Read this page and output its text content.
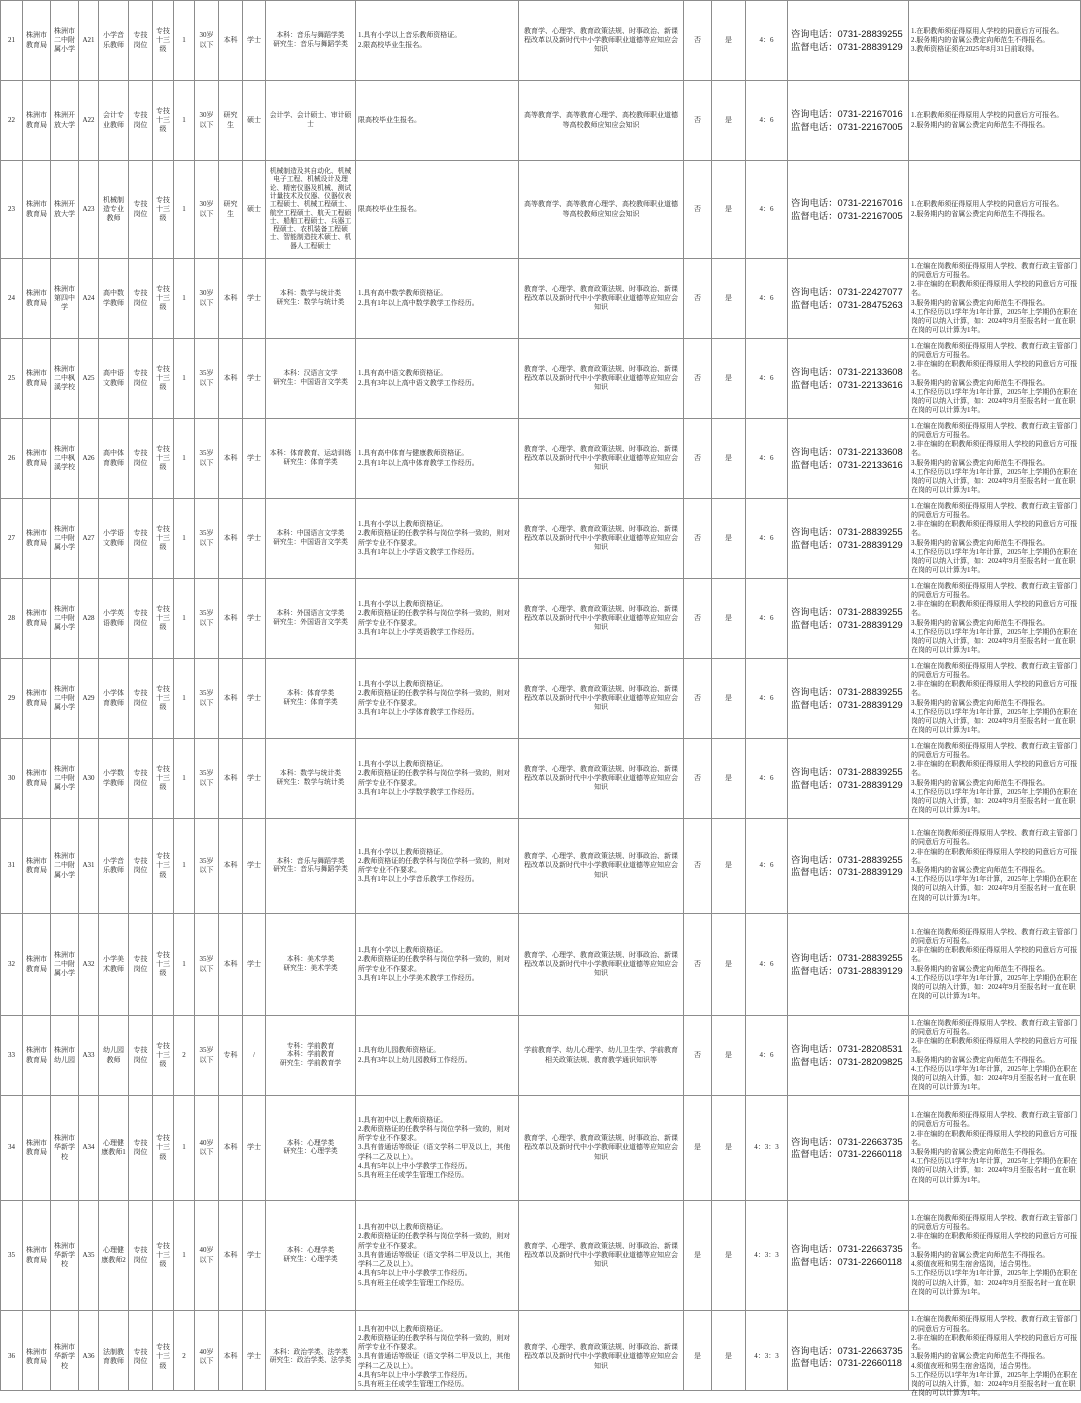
21	株洲市教育局	株洲市二中附属小学	A21	小学音乐教师	专技岗位	专技十三级	1	30岁以下	本科	学士	本科：音乐与舞蹈学类
研究生：音乐与舞蹈学类	1.具有小学以上音乐教师资格证。
2.限高校毕业生报名。	教育学、心理学、教育政策法规、时事政治、新课程改革以及新时代中小学教师职业道德等应知应会知识	否	是	4：6	咨询电话：0731-28839255
监督电话：0731-28839129	1.在职教师须征得原用人学校的同意后方可报名。
2.服务期内的省属公费定向师范生不得报名。
3.教师资格证须在2025年8月31日前取得。

22	株洲市教育局	株洲开放大学	A22	会计专业教师	专技岗位	专技十三级	1	30岁以下	研究生	硕士	会计学、会计硕士、审计硕士	限高校毕业生报名。	高等教育学、高等教育心理学、高校教师职业道德等高校教师应知应会知识	否	是	4：6	咨询电话：0731-22167016
监督电话：0731-22167005	1.在职教师须征得原用人学校的同意后方可报名。
2.服务期内的省属公费定向师范生不得报名。

23	株洲市教育局	株洲开放大学	A23	机械制造专业教师	专技岗位	专技十三级	1	30岁以下	研究生	硕士	机械制造及其自动化、机械电子工程、机械设计及理论、精密仪器及机械、测试计量技术及仪器、仪器仪表工程硕士、机械工程硕士、航空工程硕士、航天工程硕士、船舶工程硕士、兵器工程硕士、农机装备工程硕士、智能制造技术硕士、机器人工程硕士	限高校毕业生报名。	高等教育学、高等教育心理学、高校教师职业道德等高校教师应知应会知识	否	是	4：6	咨询电话：0731-22167016
监督电话：0731-22167005	1.在职教师须征得原用人学校的同意后方可报名。
2.服务期内的省属公费定向师范生不得报名。

24	株洲市教育局	株洲市第四中学	A24	高中数学教师	专技岗位	专技十三级	1	30岁以下	本科	学士	本科：数学与统计类
研究生：数学与统计类	1.具有高中数学教师资格证。
2.具有1年以上高中数学教学工作经历。	教育学、心理学、教育政策法规、时事政治、新课程改革以及新时代中小学教师职业道德等应知应会知识	否	是	4：6	咨询电话：0731-22427077
监督电话：0731-28475263	1.在编在岗教师须征得原用人学校、教育行政主管部门的同意后方可报名。
2.非在编的在职教师须征得原用人学校的同意后方可报名。
3.服务期内的省属公费定向师范生不得报名。
4.工作经历以1学年为1年计算，2025年上学期仍在职在岗的可以纳入计算，如：2024年9月至报名时一直在职在岗的可以计算为1年。

25	株洲市教育局	株洲市二中枫溪学校	A25	高中语文教师	专技岗位	专技十三级	1	35岁以下	本科	学士	本科：汉语言文学
研究生：中国语言文学类	1.具有高中语文教师资格证。
2.具有3年以上高中语文教学工作经历。	教育学、心理学、教育政策法规、时事政治、新课程改革以及新时代中小学教师职业道德等应知应会知识	否	是	4：6	咨询电话：0731-22133608
监督电话：0731-22133616	1.在编在岗教师须征得原用人学校、教育行政主管部门的同意后方可报名。
2.非在编的在职教师须征得原用人学校的同意后方可报名。
3.服务期内的省属公费定向师范生不得报名。
4.工作经历以1学年为1年计算，2025年上学期仍在职在岗的可以纳入计算，如：2024年9月至报名时一直在职在岗的可以计算为1年。

26	株洲市教育局	株洲市二中枫溪学校	A26	高中体育教师	专技岗位	专技十三级	1	35岁以下	本科	学士	本科：体育教育、运动训练
研究生：体育学类	1.具有高中体育与健康教师资格证。
2.具有1年以上高中体育教学工作经历。	教育学、心理学、教育政策法规、时事政治、新课程改革以及新时代中小学教师职业道德等应知应会知识	否	是	4：6	咨询电话：0731-22133608
监督电话：0731-22133616	1.在编在岗教师须征得原用人学校、教育行政主管部门的同意后方可报名。
2.非在编的在职教师须征得原用人学校的同意后方可报名。
3.服务期内的省属公费定向师范生不得报名。
4.工作经历以1学年为1年计算，2025年上学期仍在职在岗的可以纳入计算，如：2024年9月至报名时一直在职在岗的可以计算为1年。

27	株洲市教育局	株洲市二中附属小学	A27	小学语文教师	专技岗位	专技十三级	1	35岁以下	本科	学士	本科：中国语言文学类
研究生：中国语言文学类	1.具有小学以上教师资格证。
2.教师资格证的任教学科与岗位学科一致的，则对所学专业不作要求。
3.具有1年以上小学语文教学工作经历。	教育学、心理学、教育政策法规、时事政治、新课程改革以及新时代中小学教师职业道德等应知应会知识	否	是	4：6	咨询电话：0731-28839255
监督电话：0731-28839129	1.在编在岗教师须征得原用人学校、教育行政主管部门的同意后方可报名。
2.非在编的在职教师须征得原用人学校的同意后方可报名。
3.服务期内的省属公费定向师范生不得报名。
4.工作经历以1学年为1年计算，2025年上学期仍在职在岗的可以纳入计算，如：2024年9月至报名时一直在职在岗的可以计算为1年。

28	株洲市教育局	株洲市二中附属小学	A28	小学英语教师	专技岗位	专技十三级	1	35岁以下	本科	学士	本科：外国语言文学类
研究生：外国语言文学类	1.具有小学以上教师资格证。
2.教师资格证的任教学科与岗位学科一致的，则对所学专业不作要求。
3.具有1年以上小学英语教学工作经历。	教育学、心理学、教育政策法规、时事政治、新课程改革以及新时代中小学教师职业道德等应知应会知识	否	是	4：6	咨询电话：0731-28839255
监督电话：0731-28839129	1.在编在岗教师须征得原用人学校、教育行政主管部门的同意后方可报名。
2.非在编的在职教师须征得原用人学校的同意后方可报名。
3.服务期内的省属公费定向师范生不得报名。
4.工作经历以1学年为1年计算，2025年上学期仍在职在岗的可以纳入计算，如：2024年9月至报名时一直在职在岗的可以计算为1年。

29	株洲市教育局	株洲市二中附属小学	A29	小学体育教师	专技岗位	专技十三级	1	35岁以下	本科	学士	本科：体育学类
研究生：体育学类	1.具有小学以上教师资格证。
2.教师资格证的任教学科与岗位学科一致的，则对所学专业不作要求。
3.具有1年以上小学体育教学工作经历。	教育学、心理学、教育政策法规、时事政治、新课程改革以及新时代中小学教师职业道德等应知应会知识	否	是	4：6	咨询电话：0731-28839255
监督电话：0731-28839129	1.在编在岗教师须征得原用人学校、教育行政主管部门的同意后方可报名。
2.非在编的在职教师须征得原用人学校的同意后方可报名。
3.服务期内的省属公费定向师范生不得报名。
4.工作经历以1学年为1年计算，2025年上学期仍在职在岗的可以纳入计算，如：2024年9月至报名时一直在职在岗的可以计算为1年。

30	株洲市教育局	株洲市二中附属小学	A30	小学数学教师	专技岗位	专技十三级	1	35岁以下	本科	学士	本科：数学与统计类
研究生：数学与统计类	1.具有小学以上教师资格证。
2.教师资格证的任教学科与岗位学科一致的，则对所学专业不作要求。
3.具有1年以上小学数学教学工作经历。	教育学、心理学、教育政策法规、时事政治、新课程改革以及新时代中小学教师职业道德等应知应会知识	否	是	4：6	咨询电话：0731-28839255
监督电话：0731-28839129	1.在编在岗教师须征得原用人学校、教育行政主管部门的同意后方可报名。
2.非在编的在职教师须征得原用人学校的同意后方可报名。
3.服务期内的省属公费定向师范生不得报名。
4.工作经历以1学年为1年计算，2025年上学期仍在职在岗的可以纳入计算，如：2024年9月至报名时一直在职在岗的可以计算为1年。

31	株洲市教育局	株洲市二中附属小学	A31	小学音乐教师	专技岗位	专技十三级	1	35岁以下	本科	学士	本科：音乐与舞蹈学类
研究生：音乐与舞蹈学类	1.具有小学以上教师资格证。
2.教师资格证的任教学科与岗位学科一致的，则对所学专业不作要求。
3.具有1年以上小学音乐教学工作经历。	教育学、心理学、教育政策法规、时事政治、新课程改革以及新时代中小学教师职业道德等应知应会知识	否	是	4：6	咨询电话：0731-28839255
监督电话：0731-28839129	1.在编在岗教师须征得原用人学校、教育行政主管部门的同意后方可报名。
2.非在编的在职教师须征得原用人学校的同意后方可报名。
3.服务期内的省属公费定向师范生不得报名。
4.工作经历以1学年为1年计算，2025年上学期仍在职在岗的可以纳入计算，如：2024年9月至报名时一直在职在岗的可以计算为1年。

32	株洲市教育局	株洲市二中附属小学	A32	小学美术教师	专技岗位	专技十三级	1	35岁以下	本科	学士	本科：美术学类
研究生：美术学类	1.具有小学以上教师资格证。
2.教师资格证的任教学科与岗位学科一致的，则对所学专业不作要求。
3.具有1年以上小学美术教学工作经历。	教育学、心理学、教育政策法规、时事政治、新课程改革以及新时代中小学教师职业道德等应知应会知识	否	是	4：6	咨询电话：0731-28839255
监督电话：0731-28839129	1.在编在岗教师须征得原用人学校、教育行政主管部门的同意后方可报名。
2.非在编的在职教师须征得原用人学校的同意后方可报名。
3.服务期内的省属公费定向师范生不得报名。
4.工作经历以1学年为1年计算，2025年上学期仍在职在岗的可以纳入计算，如：2024年9月至报名时一直在职在岗的可以计算为1年。

33	株洲市教育局	株洲市幼儿园	A33	幼儿园教师	专技岗位	专技十三级	2	35岁以下	专科	/	专科：学前教育
本科：学前教育
研究生：学前教育学	1.具有幼儿园教师资格证。
2.具有3年以上幼儿园教师工作经历。	学前教育学、幼儿心理学、幼儿卫生学、学前教育相关政策法规、教育教学通识知识等	否	是	4：6	咨询电话：0731-28208531
监督电话：0731-28209825	1.在编在岗教师须征得原用人学校、教育行政主管部门的同意后方可报名。
2.非在编的在职教师须征得原用人学校的同意后方可报名。
3.服务期内的省属公费定向师范生不得报名。
4.工作经历以1学年为1年计算，2025年上学期仍在职在岗的可以纳入计算，如：2024年9月至报名时一直在职在岗的可以计算为1年。

34	株洲市教育局	株洲市华新学校	A34	心理健康教师1	专技岗位	专技十三级	1	40岁以下	本科	学士	本科：心理学类
研究生：心理学类	1.具有初中以上教师资格证。
2.教师资格证的任教学科与岗位学科一致的，则对所学专业不作要求。
3.具有普通话等级证（语文学科二甲及以上，其他学科二乙及以上）。
4.具有5年以上中小学教学工作经历。
5.具有班主任或学生管理工作经历。	教育学、心理学、教育政策法规、时事政治、新课程改革以及新时代中小学教师职业道德等应知应会知识	是	是	4：3：3	咨询电话：0731-22663735
监督电话：0731-22660118	1.在编在岗教师须征得原用人学校、教育行政主管部门的同意后方可报名。
2.非在编的在职教师须征得原用人学校的同意后方可报名。
3.服务期内的省属公费定向师范生不得报名。
4.工作经历以1学年为1年计算，2025年上学期仍在职在岗的可以纳入计算，如：2024年9月至报名时一直在职在岗的可以计算为1年。

35	株洲市教育局	株洲市华新学校	A35	心理健康教师2	专技岗位	专技十三级	1	40岁以下	本科	学士	本科：心理学类
研究生：心理学类	1.具有初中以上教师资格证。
2.教师资格证的任教学科与岗位学科一致的，则对所学专业不作要求。
3.具有普通话等级证（语文学科二甲及以上，其他学科二乙及以上）。
4.具有5年以上中小学教学工作经历。
5.具有班主任或学生管理工作经历。	教育学、心理学、教育政策法规、时事政治、新课程改革以及新时代中小学教师职业道德等应知应会知识	是	是	4：3：3	咨询电话：0731-22663735
监督电话：0731-22660118	1.在编在岗教师须征得原用人学校、教育行政主管部门的同意后方可报名。
2.非在编的在职教师须征得原用人学校的同意后方可报名。
3.服务期内的省属公费定向师范生不得报名。
4.须值夜班和男生宿舍巡岗，适合男性。
5.工作经历以1学年为1年计算，2025年上学期仍在职在岗的可以纳入计算，如：2024年9月至报名时一直在职在岗的可以计算为1年。

36	株洲市教育局	株洲市华新学校	A36	法制教育教师	专技岗位	专技十三级	2	40岁以下	本科	学士	本科：政治学类、法学类
研究生：政治学类、法学类	1.具有初中以上教师资格证。
2.教师资格证的任教学科与岗位学科一致的，则对所学专业不作要求。
3.具有普通话等级证（语文学科二甲及以上，其他学科二乙及以上）。
4.具有5年以上中小学教学工作经历。
5.具有班主任或学生管理工作经历。	教育学、心理学、教育政策法规、时事政治、新课程改革以及新时代中小学教师职业道德等应知应会知识	是	是	4：3：3	咨询电话：0731-22663735
监督电话：0731-22660118	1.在编在岗教师须征得原用人学校、教育行政主管部门的同意后方可报名。
2.非在编的在职教师须征得原用人学校的同意后方可报名。
3.服务期内的省属公费定向师范生不得报名。
4.须值夜班和男生宿舍巡岗，适合男性。
5.工作经历以1学年为1年计算，2025年上学期仍在职在岗的可以纳入计算，如：2024年9月至报名时一直在职在岗的可以计算为1年。
